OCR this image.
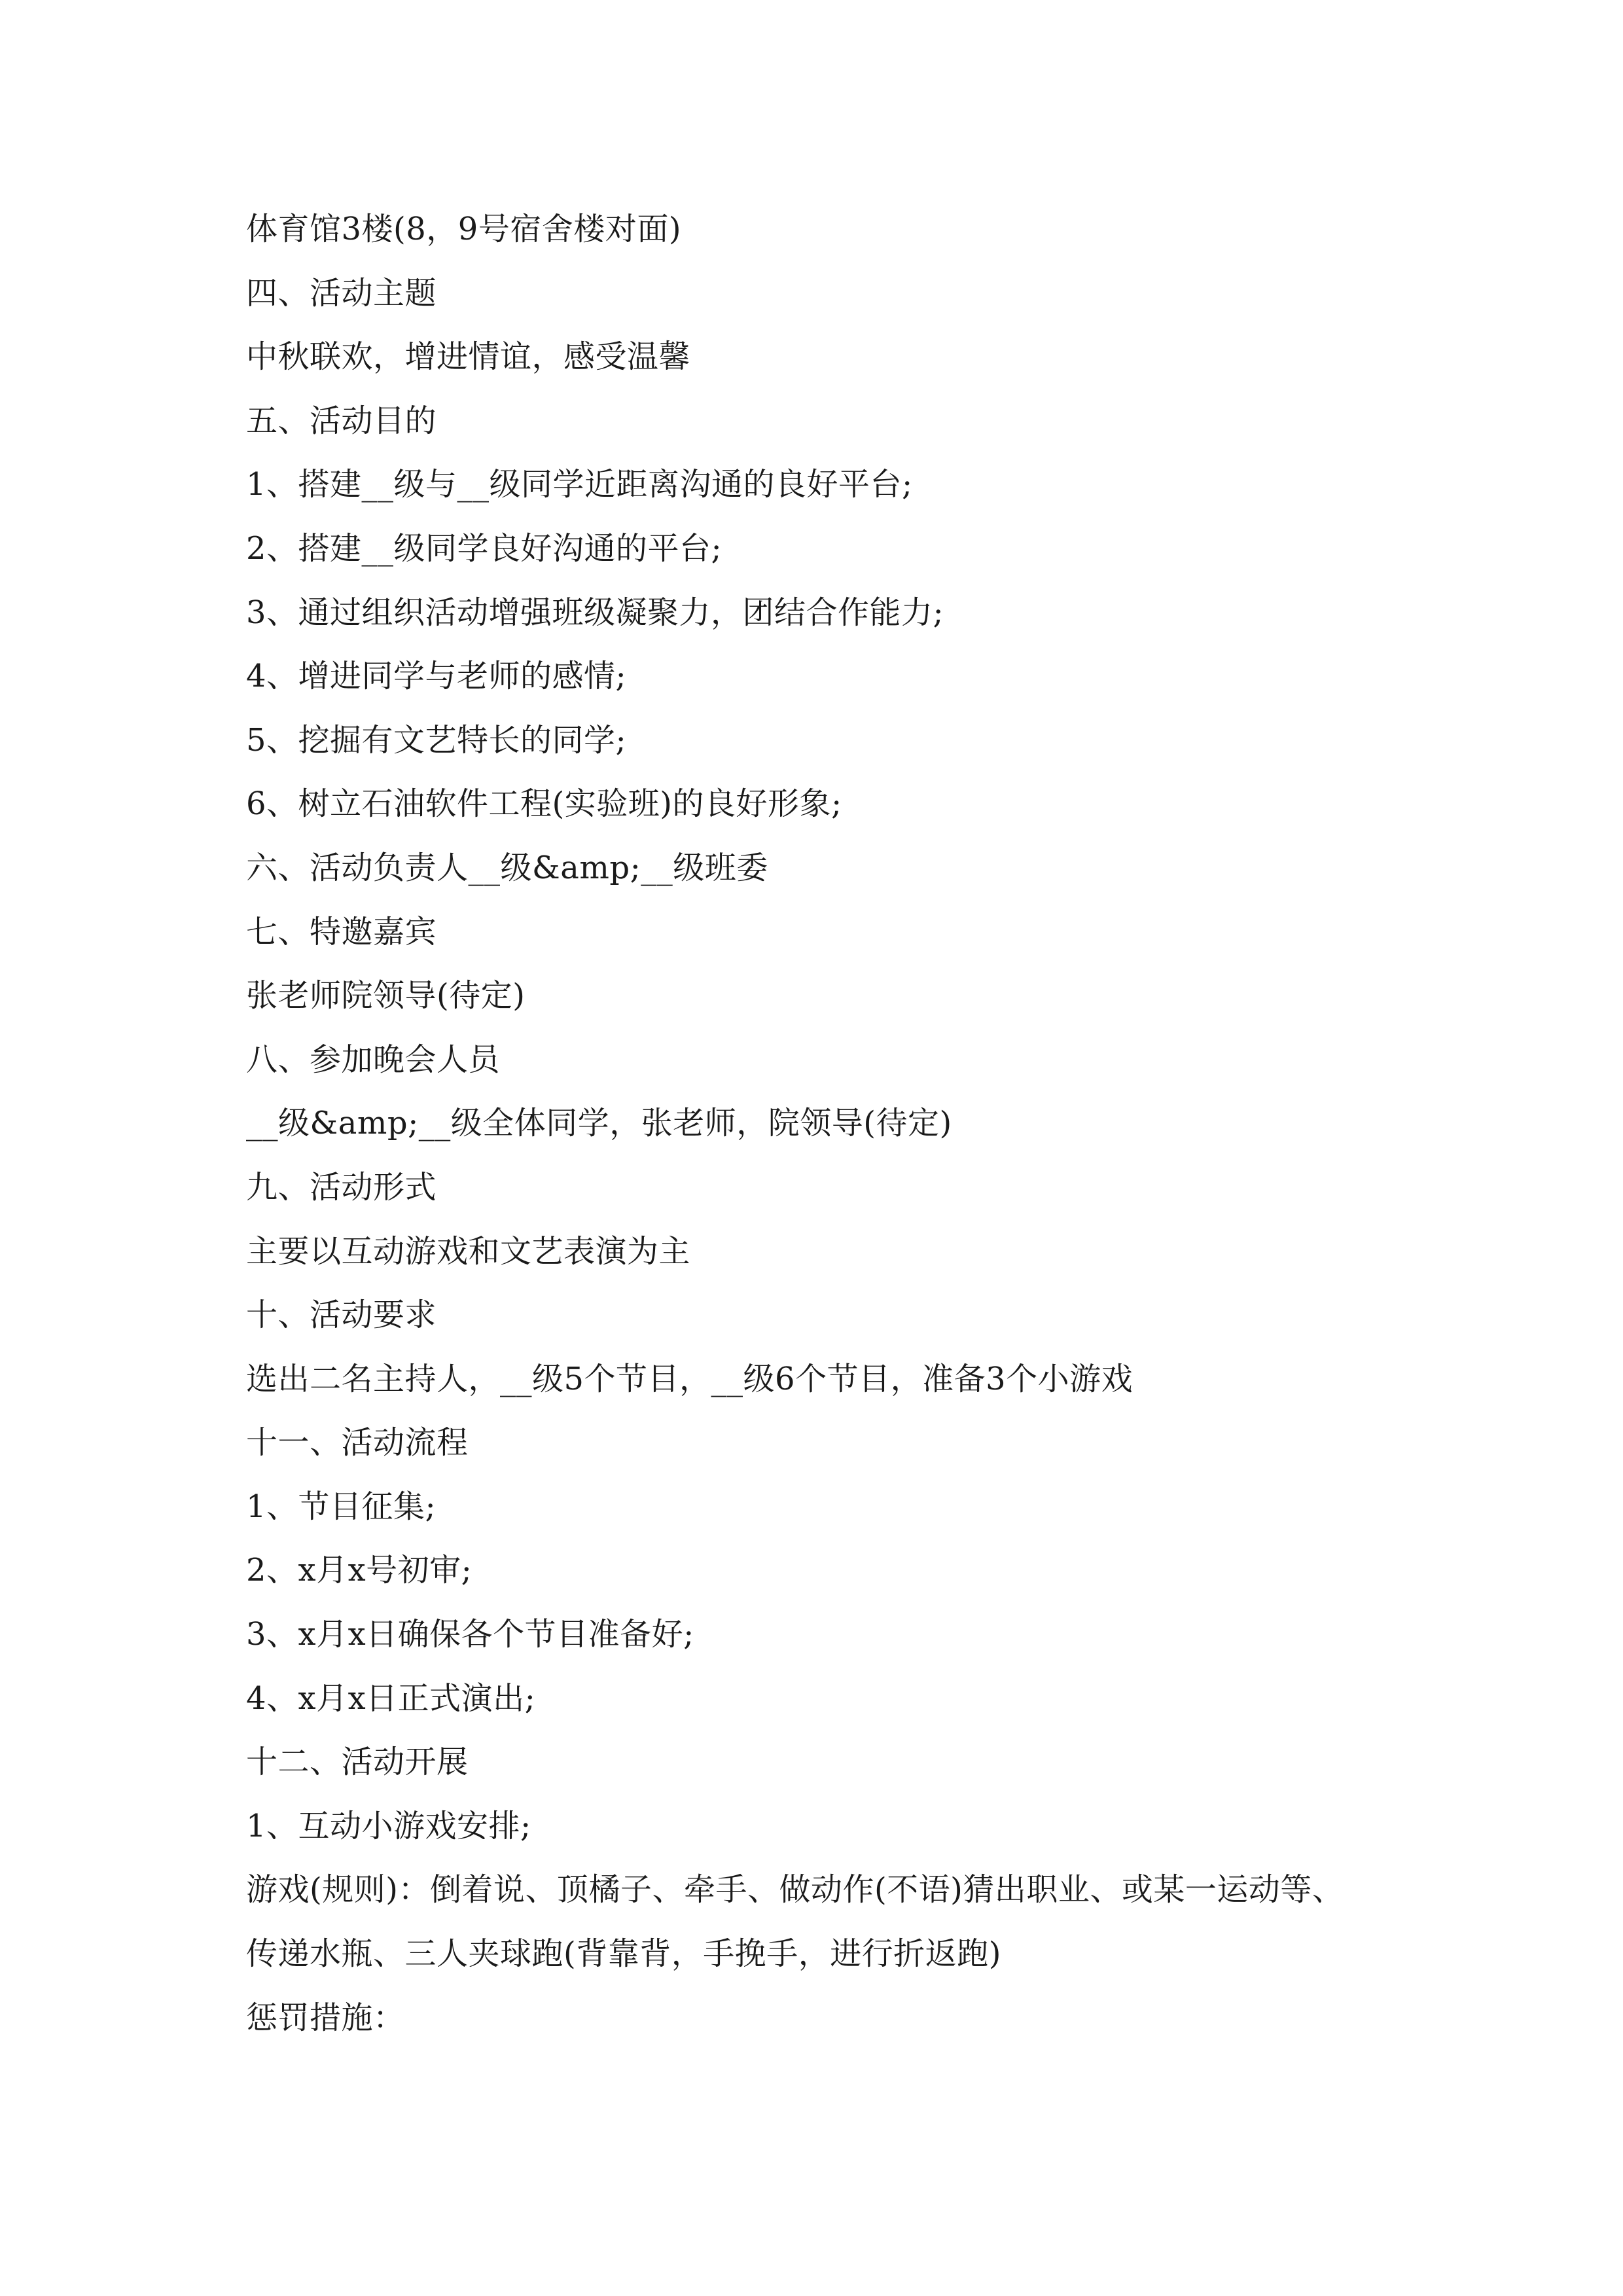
体育馆3楼(8，9号宿舍楼对面)
四、活动主题
中秋联欢，增进情谊，感受温馨
五、活动目的
1、搭建__级与__级同学近距离沟通的良好平台;
2、搭建__级同学良好沟通的平台;
3、通过组织活动增强班级凝聚力，团结合作能力;
4、增进同学与老师的感情;
5、挖掘有文艺特长的同学;
6、树立石油软件工程(实验班)的良好形象;
六、活动负责人__级&amp;__级班委
七、特邀嘉宾
张老师院领导(待定)
八、参加晚会人员
__级&amp;__级全体同学，张老师，院领导(待定)
九、活动形式
主要以互动游戏和文艺表演为主
十、活动要求
选出二名主持人，__级5个节目，__级6个节目，准备3个小游戏
十一、活动流程
1、节目征集;
2、x月x号初审;
3、x月x日确保各个节目准备好;
4、x月x日正式演出;
十二、活动开展
1、互动小游戏安排;
游戏(规则)：倒着说、顶橘子、牵手、做动作(不语)猜出职业、或某一运动等、
传递水瓶、三人夹球跑(背靠背，手挽手，进行折返跑)
惩罚措施：
